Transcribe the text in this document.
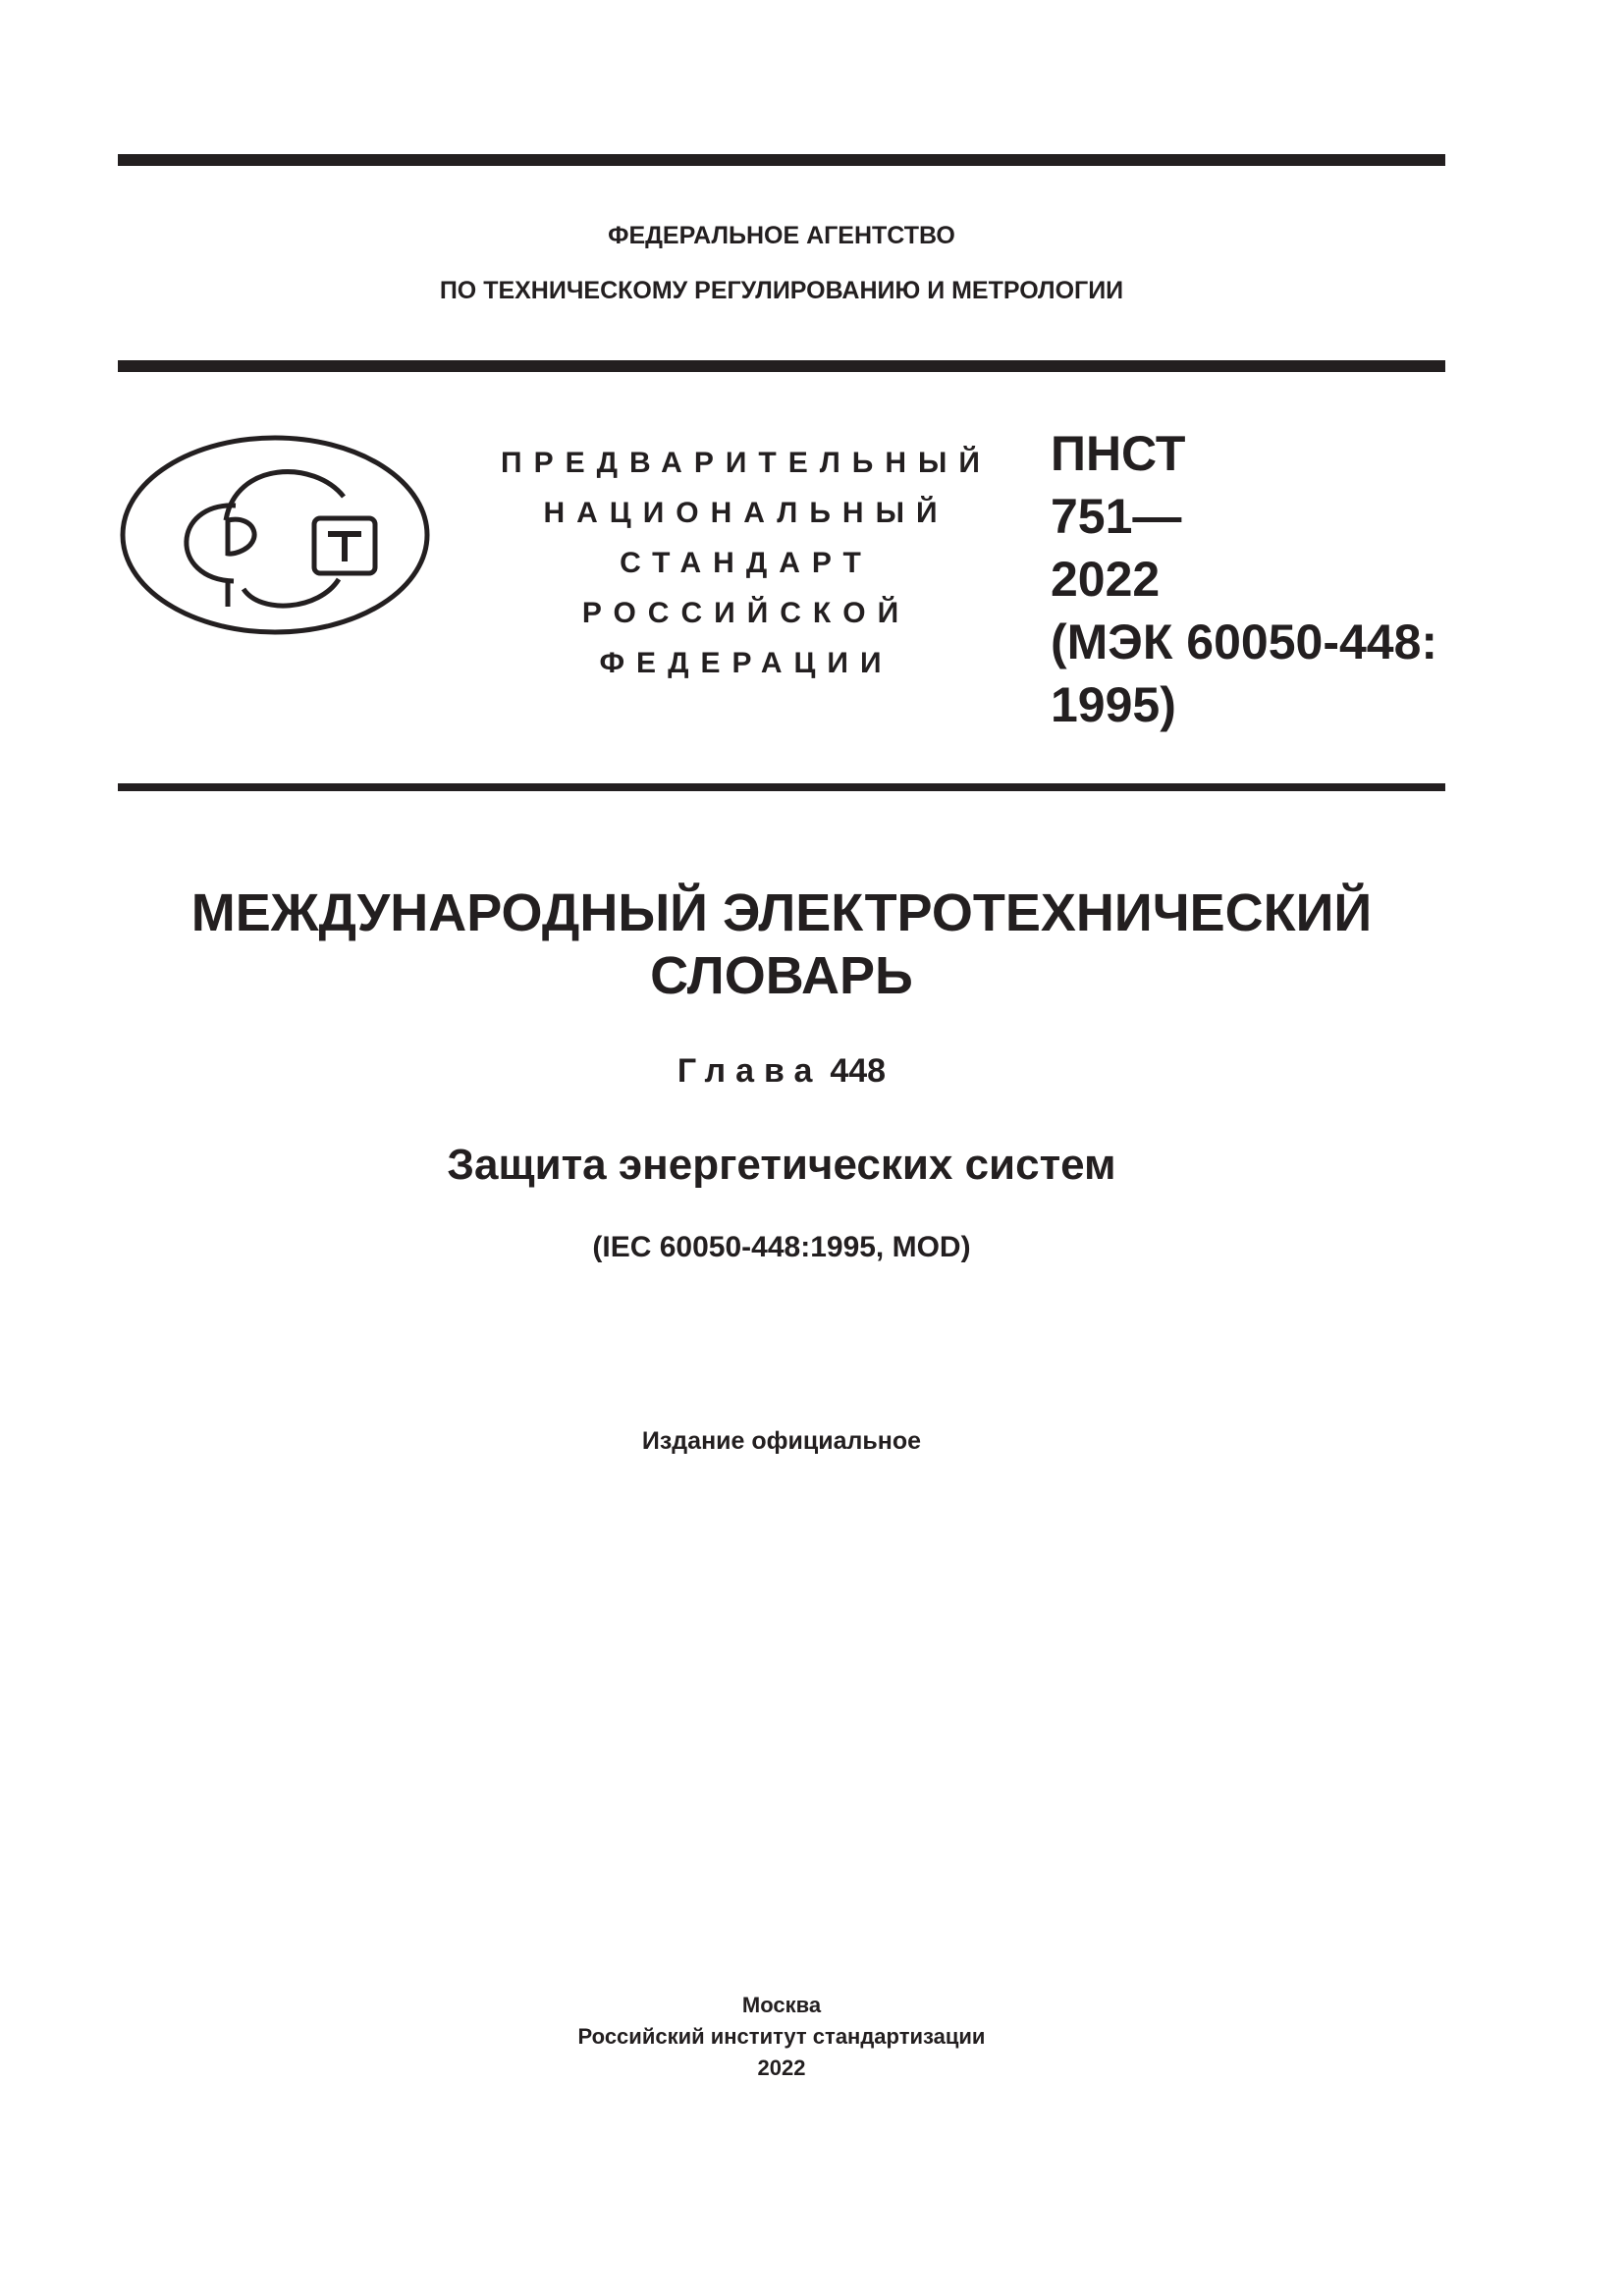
ФЕДЕРАЛЬНОЕ АГЕНТСТВО
ПО ТЕХНИЧЕСКОМУ РЕГУЛИРОВАНИЮ И МЕТРОЛОГИИ
ПРЕДВАРИТЕЛЬНЫЙ
НАЦИОНАЛЬНЫЙ
СТАНДАРТ
РОССИЙСКОЙ
ФЕДЕРАЦИИ
ПНСТ
751—
2022
(МЭК 60050-448:
1995)
МЕЖДУНАРОДНЫЙ ЭЛЕКТРОТЕХНИЧЕСКИЙ
СЛОВАРЬ
Глава 448
Защита энергетических систем
(IEC 60050-448:1995, MOD)
Издание официальное
Москва
Российский институт стандартизации
2022
